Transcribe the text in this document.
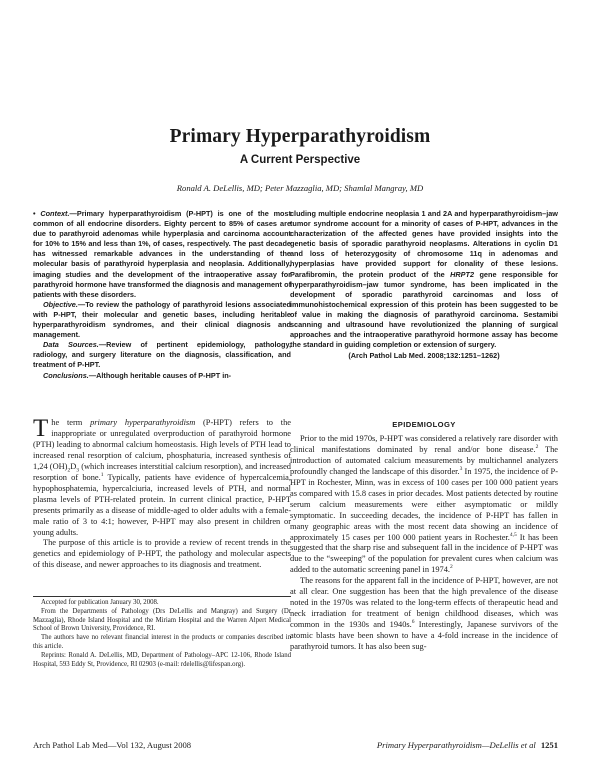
Primary Hyperparathyroidism
A Current Perspective
Ronald A. DeLellis, MD; Peter Mazzaglia, MD; Shamlal Mangray, MD

• Context.—Primary hyperparathyroidism (P-HPT) is one of the most common of all endocrine disorders. Eighty percent to 85% of cases are due to parathyroid adenomas while hyperplasia and carcinoma account for 10% to 15% and less than 1%, of cases, respectively. The past decade has witnessed remarkable advances in the understanding of the molecular basis of parathyroid hyperplasia and neoplasia. Additionally, imaging studies and the development of the intraoperative assay for parathyroid hormone have transformed the diagnosis and management of patients with these disorders.

Objective.—To review the pathology of parathyroid lesions associated with P-HPT, their molecular and genetic bases, including heritable hyperparathyroidism syndromes, and their clinical diagnosis and management.

Data Sources.—Review of pertinent epidemiology, pathology, radiology, and surgery literature on the diagnosis, classification, and treatment of P-HPT.

Conclusions.—Although heritable causes of P-HPT in-

cluding multiple endocrine neoplasia 1 and 2A and hyperparathyroidism–jaw tumor syndrome account for a minority of cases of P-HPT, advances in the characterization of the affected genes have provided insights into the genetic basis of sporadic parathyroid neoplasms. Alterations in cyclin D1 and loss of heterozygosity of chromosome 11q in adenomas and hyperplasias have provided support for clonality of these lesions. Parafibromin, the protein product of the HRPT2 gene responsible for hyperparathyroidism–jaw tumor syndrome, has been implicated in the development of sporadic parathyroid carcinomas and loss of immunohistochemical expression of this protein has been suggested to be of value in making the diagnosis of parathyroid carcinoma. Sestamibi scanning and ultrasound have revolutionized the planning of surgical approaches and the intraoperative parathyroid hormone assay has become the standard in guiding completion or extension of surgery.

(Arch Pathol Lab Med. 2008;132:1251–1262)

The term primary hyperparathyroidism (P-HPT) refers to the inappropriate or unregulated overproduction of parathyroid hormone (PTH) leading to abnormal calcium homeostasis. High levels of PTH lead to increased renal resorption of calcium, phosphaturia, increased synthesis of 1,24 $(OH)_2D_3$ (which increases interstitial calcium resorption), and increased resorption of bone.$^1$ Typically, patients have evidence of hypercalcemia, hypophosphatemia, hypercalciuria, increased levels of PTH, and normal plasma levels of PTH-related protein. In current clinical practice, P-HPT presents primarily as a disease of middle-aged to older adults with a female-male ratio of 3 to 4:1; however, P-HPT may also present in children or young adults.

The purpose of this article is to provide a review of recent trends in the genetics and epidemiology of P-HPT, the pathology and molecular aspects of this disease, and newer approaches to its diagnosis and treatment.

Accepted for publication January 30, 2008.

From the Departments of Pathology (Drs DeLellis and Mangray) and Surgery (Dr Mazzaglia), Rhode Island Hospital and the Miriam Hospital and the Warren Alpert Medical School of Brown University, Providence, RI.

The authors have no relevant financial interest in the products or companies described in this article.

Reprints: Ronald A. DeLellis, MD, Department of Pathology–APC 12-106, Rhode Island Hospital, 593 Eddy St, Providence, RI 02903 (e-mail: rdelellis@lifespan.org).

EPIDEMIOLOGY

Prior to the mid 1970s, P-HPT was considered a relatively rare disorder with clinical manifestations dominated by renal and/or bone disease.$^2$ The introduction of automated calcium measurements by multichannel analyzers profoundly changed the landscape of this disorder.$^3$ In 1975, the incidence of P-HPT in Rochester, Minn, was in excess of 100 cases per 100 000 patient years as compared with 15.8 cases in prior decades. Most patients detected by routine serum calcium measurements were either asymptomatic or mildly symptomatic. In succeeding decades, the incidence of P-HPT has fallen in many geographic areas with the most recent data showing an incidence of approximately 15 cases per 100 000 patient years in Rochester.$^{4,5}$ It has been suggested that the sharp rise and subsequent fall in the incidence of P-HPT was due to the “sweeping” of the population for prevalent cures when calcium was added to the automatic screening panel in 1974.$^2$

The reasons for the apparent fall in the incidence of P-HPT, however, are not at all clear. One suggestion has been that the high prevalence of the disease noted in the 1970s was related to the long-term effects of therapeutic head and neck irradiation for treatment of benign childhood diseases, which was common in the 1930s and 1940s.$^6$ Interestingly, Japanese survivors of the atomic blasts have been shown to have a 4-fold increase in the incidence of parathyroid tumors. It has also been sug-

Arch Pathol Lab Med—Vol 132, August 2008	Primary Hyperparathyroidism—DeLellis et al 1251
